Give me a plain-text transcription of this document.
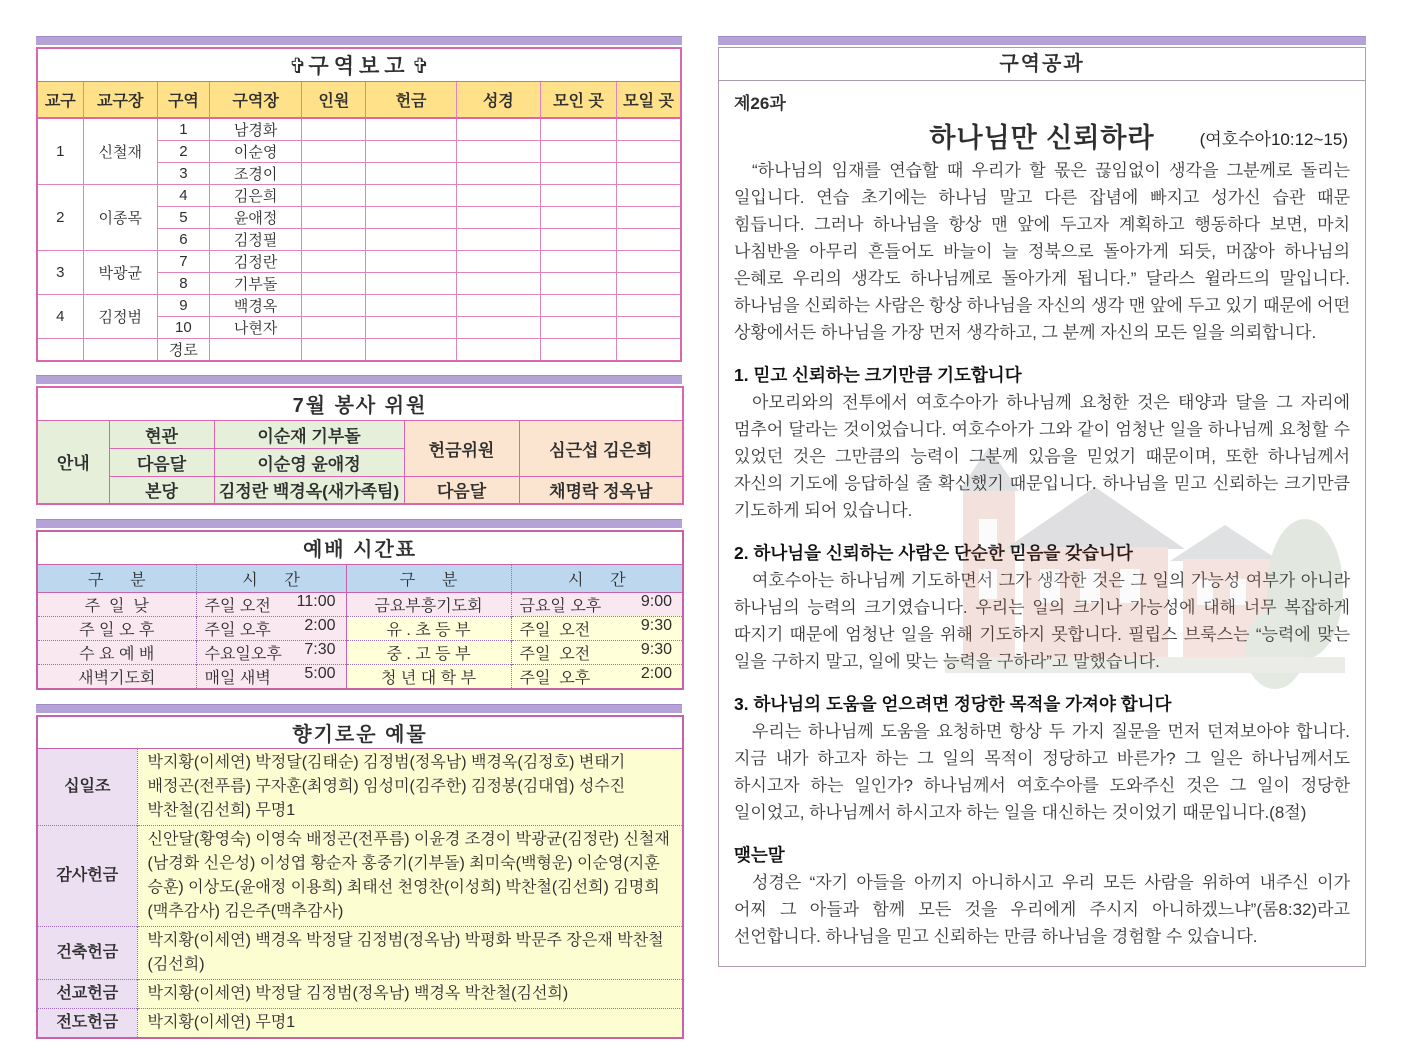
✞구역보고✞								
교구	교구장	구역	구역장	인원	헌금	성경	모인 곳	모일 곳
1	신철재	1	남경화					
		2	이순영					
		3	조경이					
2	이종목	4	김은희					
		5	윤애정					
		6	김정필					
3	박광균	7	김정란					
		8	기부돌					
4	김정범	9	백경옥					
		10	나현자					
		경로						
7월 봉사 위원				
안내	현관	이순재 기부돌	헌금위원	심근섭 김은희
	다음달	이순영 윤애정		
	본당	김정란 백경옥(새가족팀)	다음달	채명락 정옥남
예배 시간표			
구      분	시      간	구      분	시      간
주  일  낮	주일 오전 11:00	금요부흥기도회	금요일 오후 9:00

주 일 오 후	주일 오후 2:00	유 . 초 등 부	주일  오전 9:30

수 요 예 배	수요일오후 7:30	중 . 고 등 부	주일  오전 9:30

새벽기도회	매일 새벽 5:00	청 년 대 학 부	주일  오후 2:00
향기로운 예물	
십일조	박지황(이세연) 박정달(김태순) 김정범(정옥남) 백경옥(김정호) 변태기 배정곤(전푸름) 구자훈(최영희) 임성미(김주한) 김정봉(김대엽) 성수진 박찬철(김선희) 무명1
감사헌금	신안달(황영숙) 이영숙 배정곤(전푸름) 이윤경 조경이 박광균(김정란) 신철재(남경화 신은성) 이성엽 황순자 홍중기(기부돌) 최미숙(백형운) 이순영(지훈 승훈) 이상도(윤애정 이용희) 최태선 천영찬(이성희) 박찬철(김선희) 김명희(맥추감사) 김은주(맥추감사)
건축헌금	박지황(이세연) 백경옥 박정달 김정범(정옥남) 박평화 박문주 장은재 박찬철(김선희)
선교헌금	박지황(이세연) 박정달 김정범(정옥남) 백경옥 박찬철(김선희)
전도헌금	박지황(이세연) 무명1
구역공과
제26과
하나님만 신뢰하라	(여호수아10:12~15)

“하나님의 임재를 연습할 때 우리가 할 몫은 끊임없이 생각을 그분께로 돌리는 일입니다. 연습 초기에는 하나님 말고 다른 잡념에 빠지고 성가신 습관 때문 힘듭니다. 그러나 하나님을 항상 맨 앞에 두고자 계획하고 행동하다 보면, 마치 나침반을 아무리 흔들어도 바늘이 늘 정북으로 돌아가게 되듯, 머잖아 하나님의 은혜로 우리의 생각도 하나님께로 돌아가게 됩니다.” 달라스 윌라드의 말입니다. 하나님을 신뢰하는 사람은 항상 하나님을 자신의 생각 맨 앞에 두고 있기 때문에 어떤 상황에서든 하나님을 가장 먼저 생각하고, 그 분께 자신의 모든 일을 의뢰합니다.

1. 믿고 신뢰하는 크기만큼 기도합니다

아모리와의 전투에서 여호수아가 하나님께 요청한 것은 태양과 달을 그 자리에 멈추어 달라는 것이었습니다. 여호수아가 그와 같이 엄청난 일을 하나님께 요청할 수 있었던 것은 그만큼의 능력이 그분께 있음을 믿었기 때문이며, 또한 하나님께서 자신의 기도에 응답하실 줄 확신했기 때문입니다. 하나님을 믿고 신뢰하는 크기만큼 기도하게 되어 있습니다.

2. 하나님을 신뢰하는 사람은 단순한 믿음을 갖습니다

여호수아는 하나님께 기도하면서 그가 생각한 것은 그 일의 가능성 여부가 아니라 하나님의 능력의 크기였습니다. 우리는 일의 크기나 가능성에 대해 너무 복잡하게 따지기 때문에 엄청난 일을 위해 기도하지 못합니다. 필립스 브룩스는 “능력에 맞는 일을 구하지 말고, 일에 맞는 능력을 구하라”고 말했습니다.

3. 하나님의 도움을 얻으려면 정당한 목적을 가져야 합니다

우리는 하나님께 도움을 요청하면 항상 두 가지 질문을 먼저 던져보아야 합니다. 지금 내가 하고자 하는 그 일의 목적이 정당하고 바른가? 그 일은 하나님께서도 하시고자 하는 일인가? 하나님께서 여호수아를 도와주신 것은 그 일이 정당한 일이었고, 하나님께서 하시고자 하는 일을 대신하는 것이었기 때문입니다.(8절)

맺는말

성경은 “자기 아들을 아끼지 아니하시고 우리 모든 사람을 위하여 내주신 이가 어찌 그 아들과 함께 모든 것을 우리에게 주시지 아니하겠느냐”(롬8:32)라고 선언합니다. 하나님을 믿고 신뢰하는 만큼 하나님을 경험할 수 있습니다.
